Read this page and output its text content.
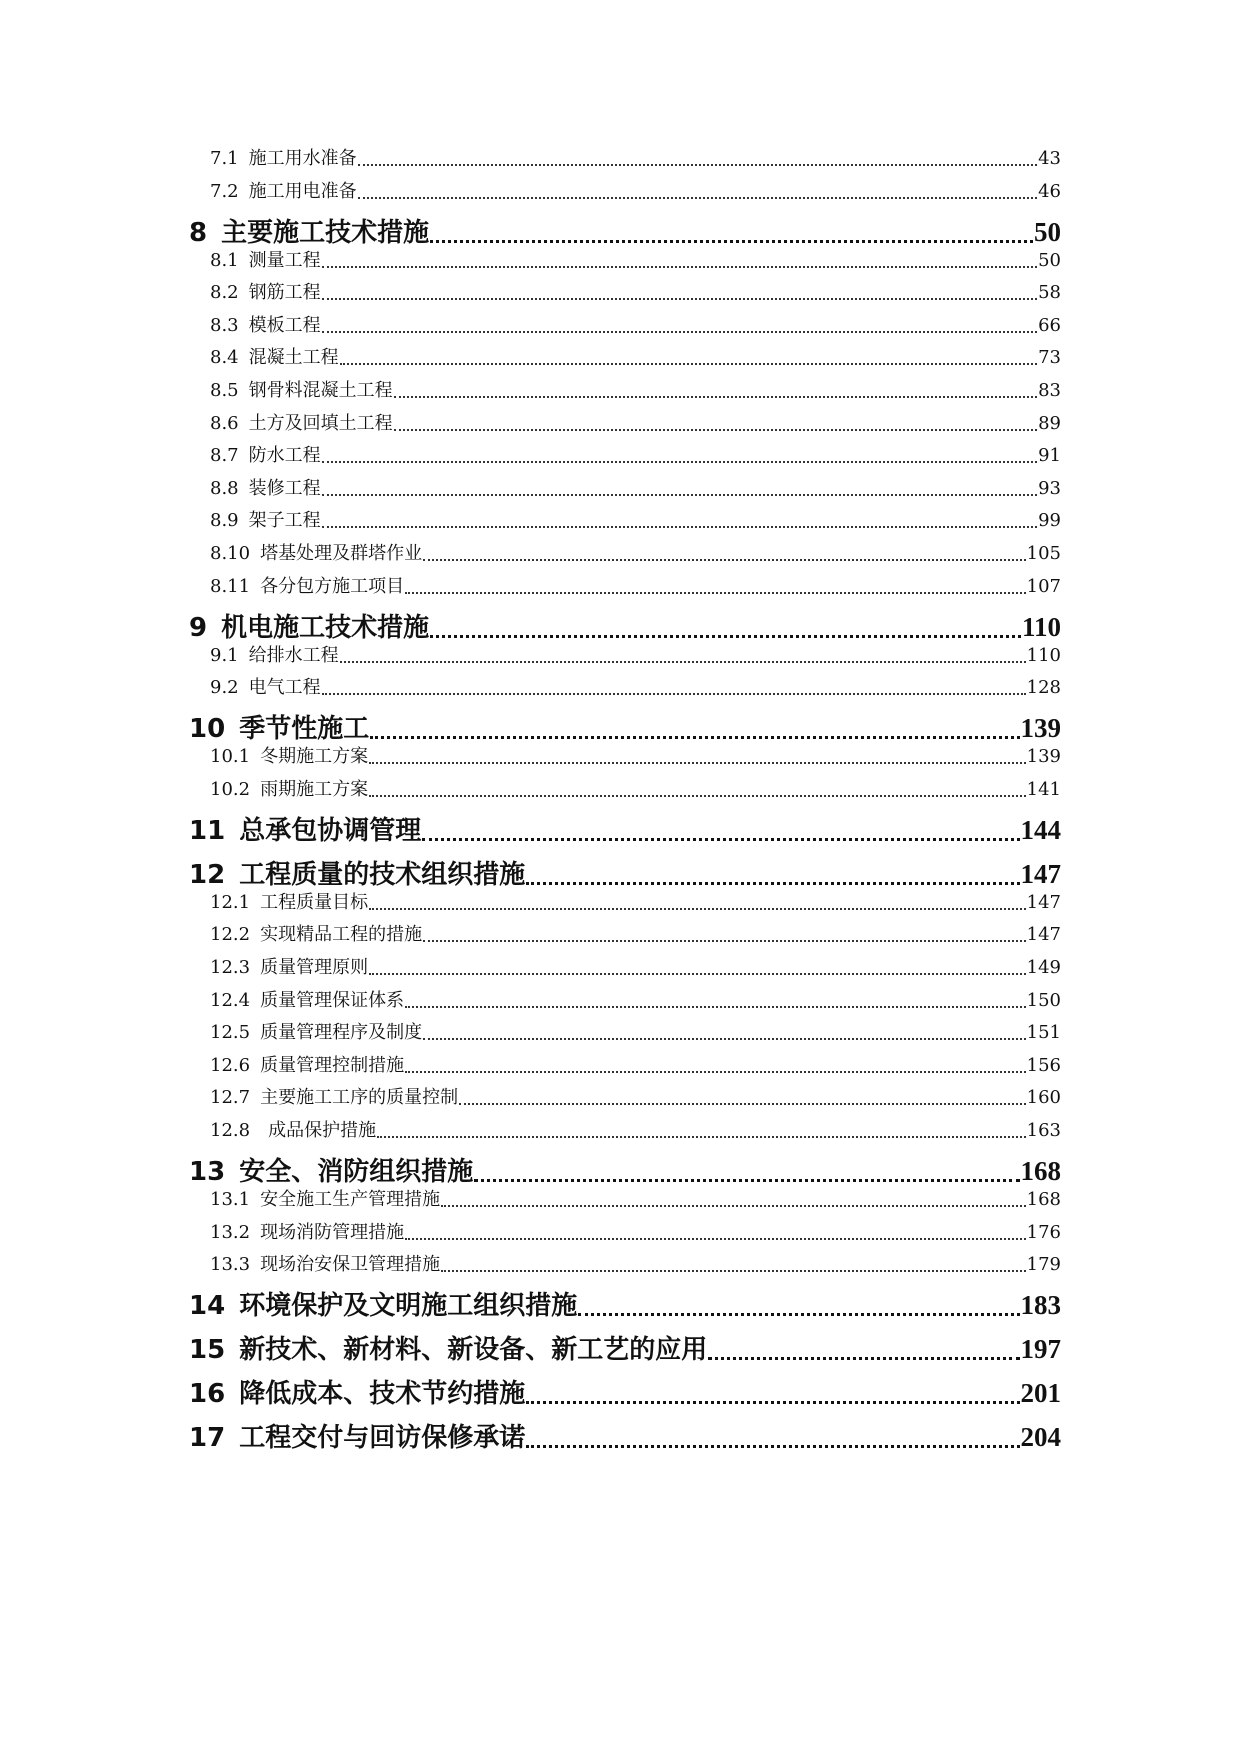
7.1 施工用水准备	43
7.2 施工用电准备	46
8 主要施工技术措施	50
8.1 测量工程	50
8.2 钢筋工程	58
8.3 模板工程	66
8.4 混凝土工程	73
8.5 钢骨料混凝土工程	83
8.6 土方及回填土工程	89
8.7 防水工程	91
8.8 装修工程	93
8.9 架子工程	99
8.10 塔基处理及群塔作业	105
8.11 各分包方施工项目	107
9 机电施工技术措施	110
9.1 给排水工程	110
9.2 电气工程	128
10 季节性施工	139
10.1 冬期施工方案	139
10.2 雨期施工方案	141
11 总承包协调管理	144
12 工程质量的技术组织措施	147
12.1 工程质量目标	147
12.2 实现精品工程的措施	147
12.3 质量管理原则	149
12.4 质量管理保证体系	150
12.5 质量管理程序及制度	151
12.6 质量管理控制措施	156
12.7 主要施工工序的质量控制	160
12.8 成品保护措施	163
13 安全、消防组织措施	168
13.1 安全施工生产管理措施	168
13.2 现场消防管理措施	176
13.3 现场治安保卫管理措施	179
14 环境保护及文明施工组织措施	183
15 新技术、新材料、新设备、新工艺的应用	197
16 降低成本、技术节约措施	201
17 工程交付与回访保修承诺	204
